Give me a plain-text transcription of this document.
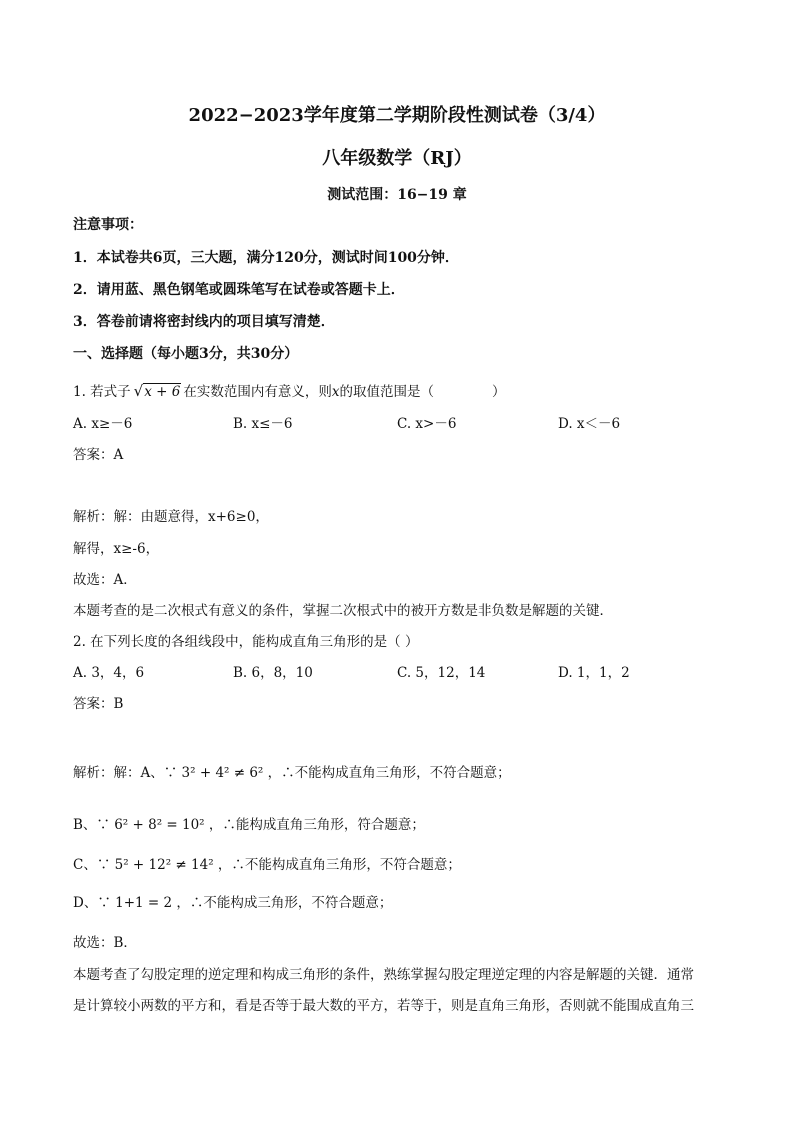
2022−2023学年度第二学期阶段性测试卷（3/4）
八年级数学（RJ）
测试范围：16−19 章
注意事项：
1．本试卷共6页，三大题，满分120分，测试时间100分钟．
2．请用蓝、黑色钢笔或圆珠笔写在试卷或答题卡上．
3．答卷前请将密封线内的项目填写清楚．
一、选择题（每小题3分，共30分）
1. 若式子 √x + 6 在实数范围内有意义，则x的取值范围是（	）
A. x≥－6	B. x≤－6	C. x>－6	D. x＜－6
答案：A
解析：解：由题意得，x+6≥0，
解得，x≥-6，
故选：A．
本题考查的是二次根式有意义的条件，掌握二次根式中的被开方数是非负数是解题的关键．
2. 在下列长度的各组线段中，能构成直角三角形的是（ ）
A. 3，4，6	B. 6，8，10	C. 5，12，14	D. 1，1，2
答案：B
解析：解：A、∵ 3² + 4² ≠ 6² ，∴不能构成直角三角形，不符合题意；
B、∵ 6² + 8² = 10² ，∴能构成直角三角形，符合题意；
C、∵ 5² + 12² ≠ 14² ，∴不能构成直角三角形，不符合题意；
D、∵ 1+1 = 2 ，∴不能构成三角形，不符合题意；
故选：B．
本题考查了勾股定理的逆定理和构成三角形的条件，熟练掌握勾股定理逆定理的内容是解题的关键．通常
是计算较小两数的平方和，看是否等于最大数的平方，若等于，则是直角三角形，否则就不能围成直角三
